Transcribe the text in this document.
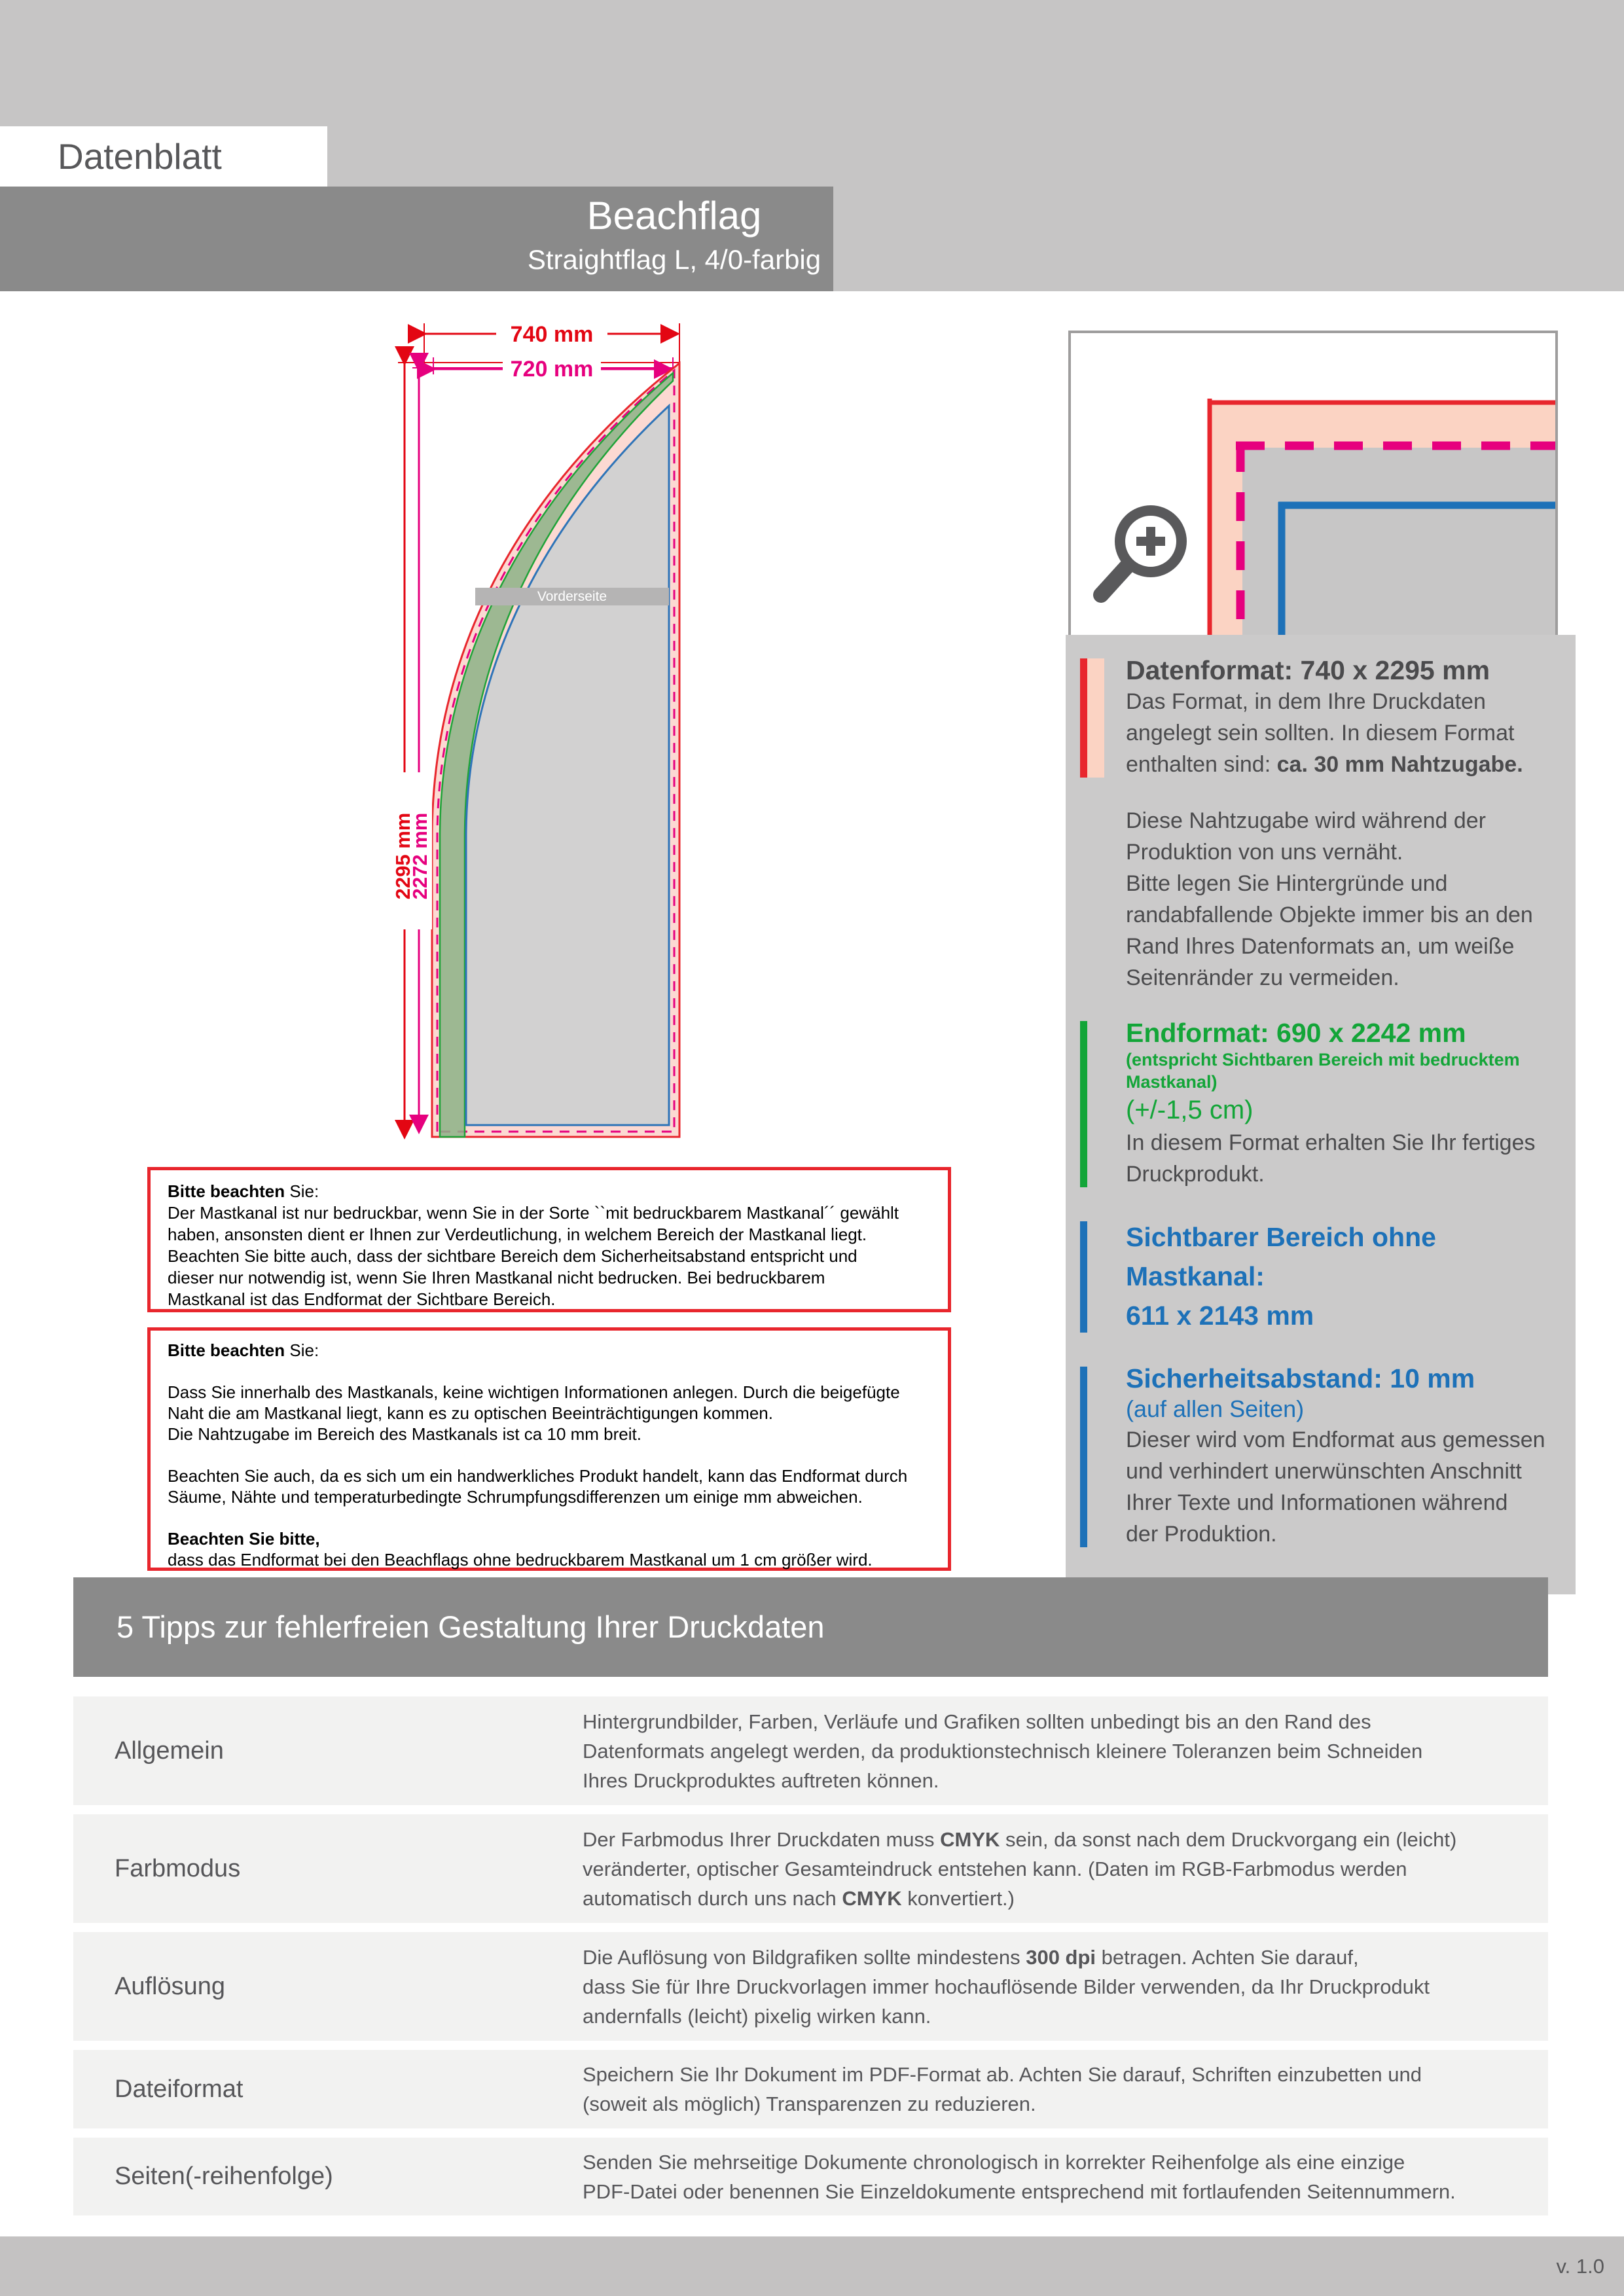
Datenblatt
Beachflag
Straightflag L, 4/0-farbig
Vorderseite
740 mm
720 mm
2295 mm
2272 mm
Datenformat: 740 x 2295 mm
Das Format, in dem Ihre Druckdaten
angelegt sein sollten. In diesem Format
enthalten sind: ca. 30 mm Nahtzugabe.
Diese Nahtzugabe wird während der
Produktion von uns vernäht.
Bitte legen Sie Hintergründe und
randabfallende Objekte immer bis an den
Rand Ihres Datenformats an, um weiße
Seitenränder zu vermeiden.
Endformat: 690 x 2242 mm
(entspricht Sichtbaren Bereich mit bedrucktem Mastkanal)
(+/-1,5 cm)
In diesem Format erhalten Sie Ihr fertiges
Druckprodukt.
Sichtbarer Bereich ohne Mastkanal:
611 x 2143 mm
Sicherheitsabstand: 10 mm
(auf allen Seiten)
Dieser wird vom Endformat aus gemessen
und verhindert unerwünschten Anschnitt
Ihrer Texte und Informationen während
der Produktion.

Bitte beachten Sie:
Der Mastkanal ist nur bedruckbar, wenn Sie in der Sorte ``mit bedruckbarem Mastkanal´´ gewählt
haben, ansonsten dient er Ihnen zur Verdeutlichung, in welchem Bereich der Mastkanal liegt.
Beachten Sie bitte auch, dass der sichtbare Bereich dem Sicherheitsabstand entspricht und
dieser nur notwendig ist, wenn Sie Ihren Mastkanal nicht bedrucken. Bei bedruckbarem
Mastkanal ist das Endformat der Sichtbare Bereich.
Bitte beachten Sie:

Dass Sie innerhalb des Mastkanals, keine wichtigen Informationen anlegen. Durch die beigefügte
Naht die am Mastkanal liegt, kann es zu optischen Beeinträchtigungen kommen.
Die Nahtzugabe im Bereich des Mastkanals ist ca 10 mm breit.

Beachten Sie auch, da es sich um ein handwerkliches Produkt handelt, kann das Endformat durch
Säume, Nähte und temperaturbedingte Schrumpfungsdifferenzen um einige mm abweichen.

Beachten Sie bitte,
dass das Endformat bei den Beachflags ohne bedruckbarem Mastkanal um 1 cm größer wird.
5 Tipps zur fehlerfreien Gestaltung Ihrer Druckdaten
Allgemein
Hintergrundbilder, Farben, Verläufe und Grafiken sollten unbedingt bis an den Rand des
Datenformats angelegt werden, da produktionstechnisch kleinere Toleranzen beim Schneiden
Ihres Druckproduktes auftreten können.
Farbmodus
Der Farbmodus Ihrer Druckdaten muss CMYK sein, da sonst nach dem Druckvorgang ein (leicht)
veränderter, optischer Gesamteindruck entstehen kann. (Daten im RGB-Farbmodus werden
automatisch durch uns nach CMYK konvertiert.)
Auflösung
Die Auflösung von Bildgrafiken sollte mindestens 300 dpi betragen. Achten Sie darauf,
dass Sie für Ihre Druckvorlagen immer hochauflösende Bilder verwenden, da Ihr Druckprodukt
andernfalls (leicht) pixelig wirken kann.
Dateiformat
Speichern Sie Ihr Dokument im PDF-Format ab. Achten Sie darauf, Schriften einzubetten und
(soweit als möglich) Transparenzen zu reduzieren.
Seiten(-reihenfolge)
Senden Sie mehrseitige Dokumente chronologisch in korrekter Reihenfolge als eine einzige
PDF-Datei oder benennen Sie Einzeldokumente entsprechend mit fortlaufenden Seitennummern.
v. 1.0
